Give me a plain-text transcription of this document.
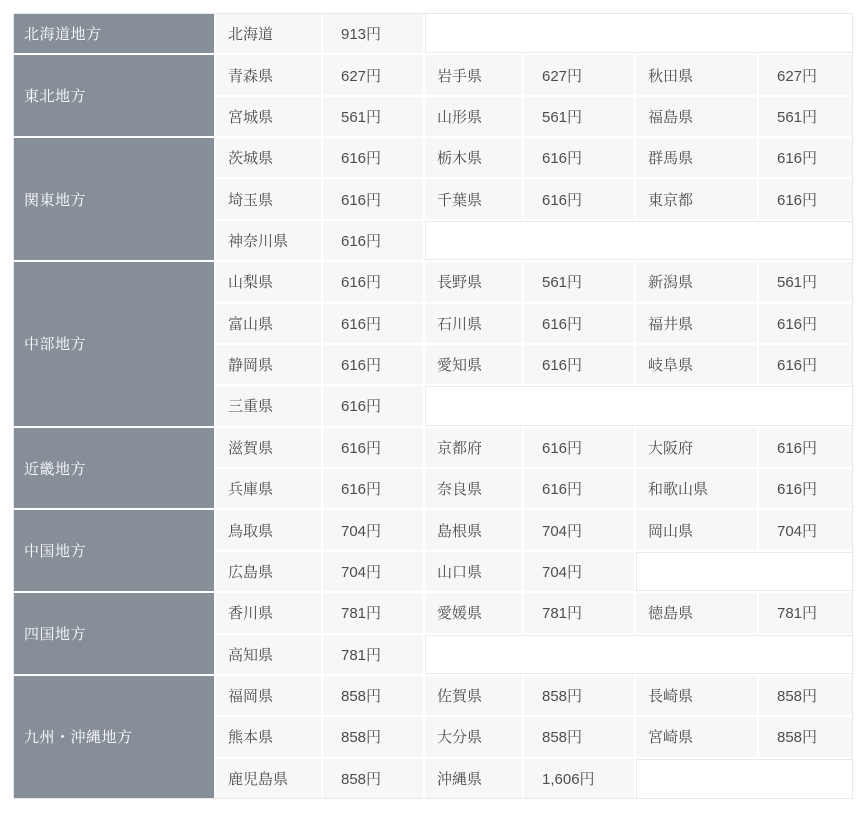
北海道地方	北海道	913円
東北地方
青森県	627円	岩手県	627円	秋田県	627円
宮城県	561円	山形県	561円	福島県	561円
関東地方
茨城県	616円	栃木県	616円	群馬県	616円
埼玉県	616円	千葉県	616円	東京都	616円
神奈川県	616円
中部地方
山梨県	616円	長野県	561円	新潟県	561円
富山県	616円	石川県	616円	福井県	616円
静岡県	616円	愛知県	616円	岐阜県	616円
三重県	616円
近畿地方
滋賀県	616円	京都府	616円	大阪府	616円
兵庫県	616円	奈良県	616円	和歌山県	616円
中国地方
鳥取県	704円	島根県	704円	岡山県	704円
広島県	704円	山口県	704円
四国地方
香川県	781円	愛媛県	781円	徳島県	781円
高知県	781円
九州・沖縄地方
福岡県	858円	佐賀県	858円	長崎県	858円
熊本県	858円	大分県	858円	宮崎県	858円
鹿児島県	858円	沖縄県	1,606円
